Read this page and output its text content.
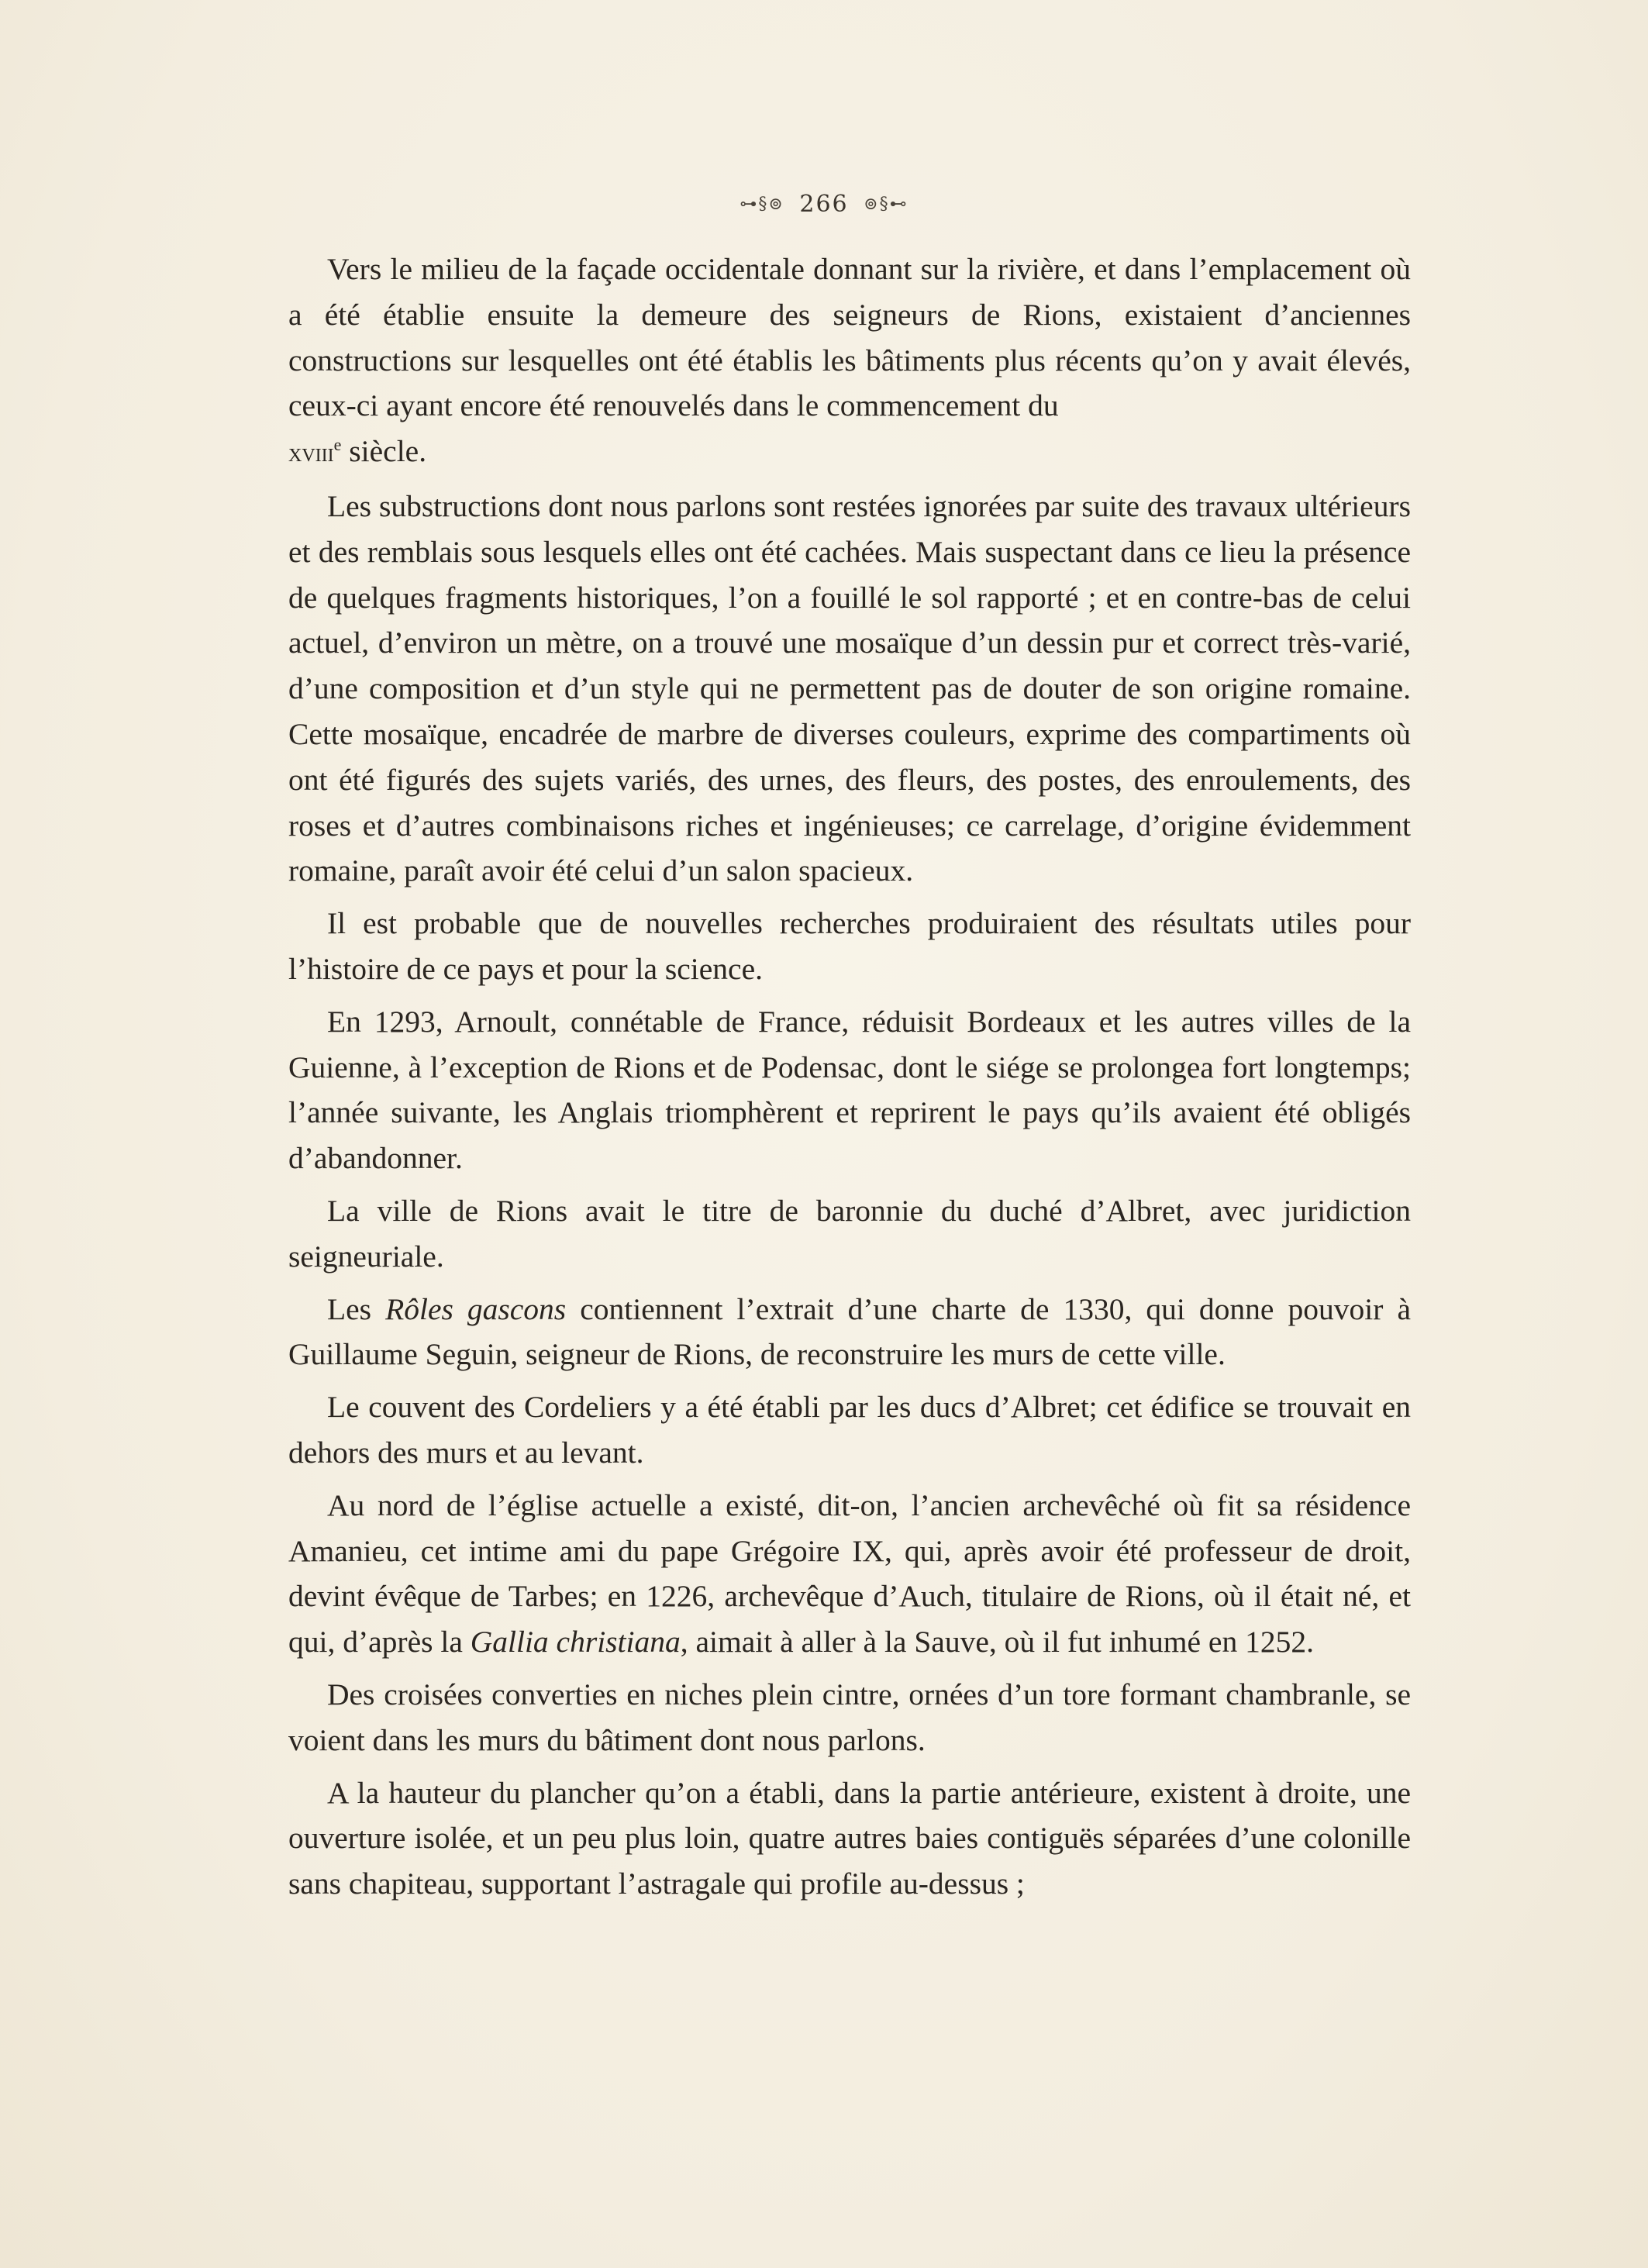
⊶§⊚ 266 ⊚§⊷

Vers le milieu de la façade occidentale donnant sur la rivière, et dans l’emplacement où a été établie ensuite la demeure des seigneurs de Rions, existaient d’anciennes constructions sur lesquelles ont été établis les bâtiments plus récents qu’on y avait élevés, ceux-ci ayant encore été renouvelés dans le commencement du

xviii$^e$ siècle.

Les substructions dont nous parlons sont restées ignorées par suite des travaux ultérieurs et des remblais sous lesquels elles ont été cachées. Mais suspectant dans ce lieu la présence de quelques fragments historiques, l’on a fouillé le sol rapporté ; et en contre-bas de celui actuel, d’environ un mètre, on a trouvé une mosaïque d’un dessin pur et correct très-varié, d’une composition et d’un style qui ne permettent pas de douter de son origine romaine. Cette mosaïque, encadrée de marbre de diverses couleurs, exprime des compartiments où ont été figurés des sujets variés, des urnes, des fleurs, des postes, des enroulements, des roses et d’autres combinaisons riches et ingénieuses; ce carrelage, d’origine évidemment romaine, paraît avoir été celui d’un salon spacieux.

Il est probable que de nouvelles recherches produiraient des résultats utiles pour l’histoire de ce pays et pour la science.

En 1293, Arnoult, connétable de France, réduisit Bordeaux et les autres villes de la Guienne, à l’exception de Rions et de Podensac, dont le siége se prolongea fort longtemps; l’année suivante, les Anglais triomphèrent et reprirent le pays qu’ils avaient été obligés d’abandonner.

La ville de Rions avait le titre de baronnie du duché d’Albret, avec juridiction seigneuriale.

Les Rôles gascons contiennent l’extrait d’une charte de 1330, qui donne pouvoir à Guillaume Seguin, seigneur de Rions, de reconstruire les murs de cette ville.

Le couvent des Cordeliers y a été établi par les ducs d’Albret; cet édifice se trouvait en dehors des murs et au levant.

Au nord de l’église actuelle a existé, dit-on, l’ancien archevêché où fit sa résidence Amanieu, cet intime ami du pape Grégoire IX, qui, après avoir été professeur de droit, devint évêque de Tarbes; en 1226, archevêque d’Auch, titulaire de Rions, où il était né, et qui, d’après la Gallia christiana, aimait à aller à la Sauve, où il fut inhumé en 1252.

Des croisées converties en niches plein cintre, ornées d’un tore formant chambranle, se voient dans les murs du bâtiment dont nous parlons.

A la hauteur du plancher qu’on a établi, dans la partie antérieure, existent à droite, une ouverture isolée, et un peu plus loin, quatre autres baies contiguës séparées d’une colonille sans chapiteau, supportant l’astragale qui profile au-dessus ;
